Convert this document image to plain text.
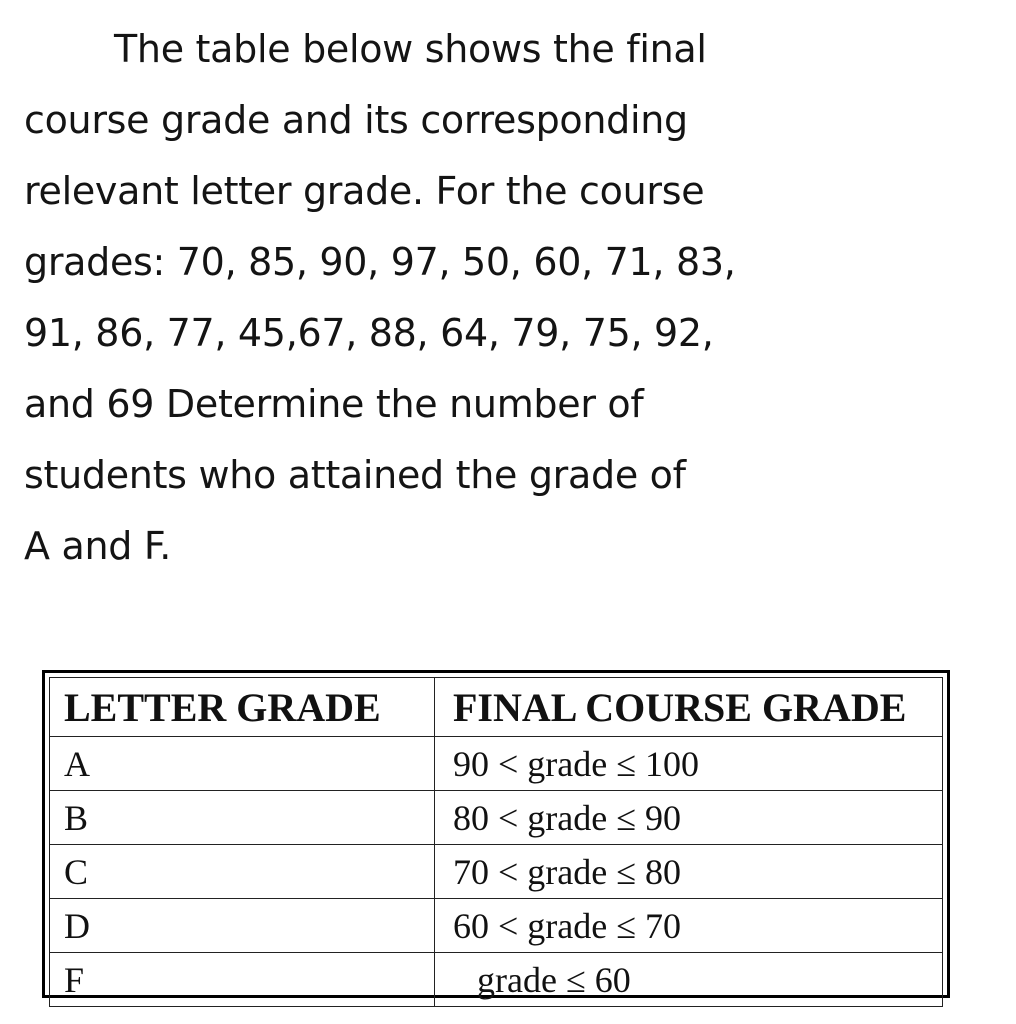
The table below shows the final
course grade and its corresponding
relevant letter grade. For the course
grades: 70, 85, 90, 97, 50, 60, 71, 83,
91, 86, 77, 45,67, 88, 64, 79, 75, 92,
and 69 Determine the number of
students who attained the grade of
A and F.

LETTER GRADE	FINAL COURSE GRADE
A	90 < grade ≤ 100
B	80 < grade ≤ 90
C	70 < grade ≤ 80
D	60 < grade ≤ 70
F	grade ≤ 60
